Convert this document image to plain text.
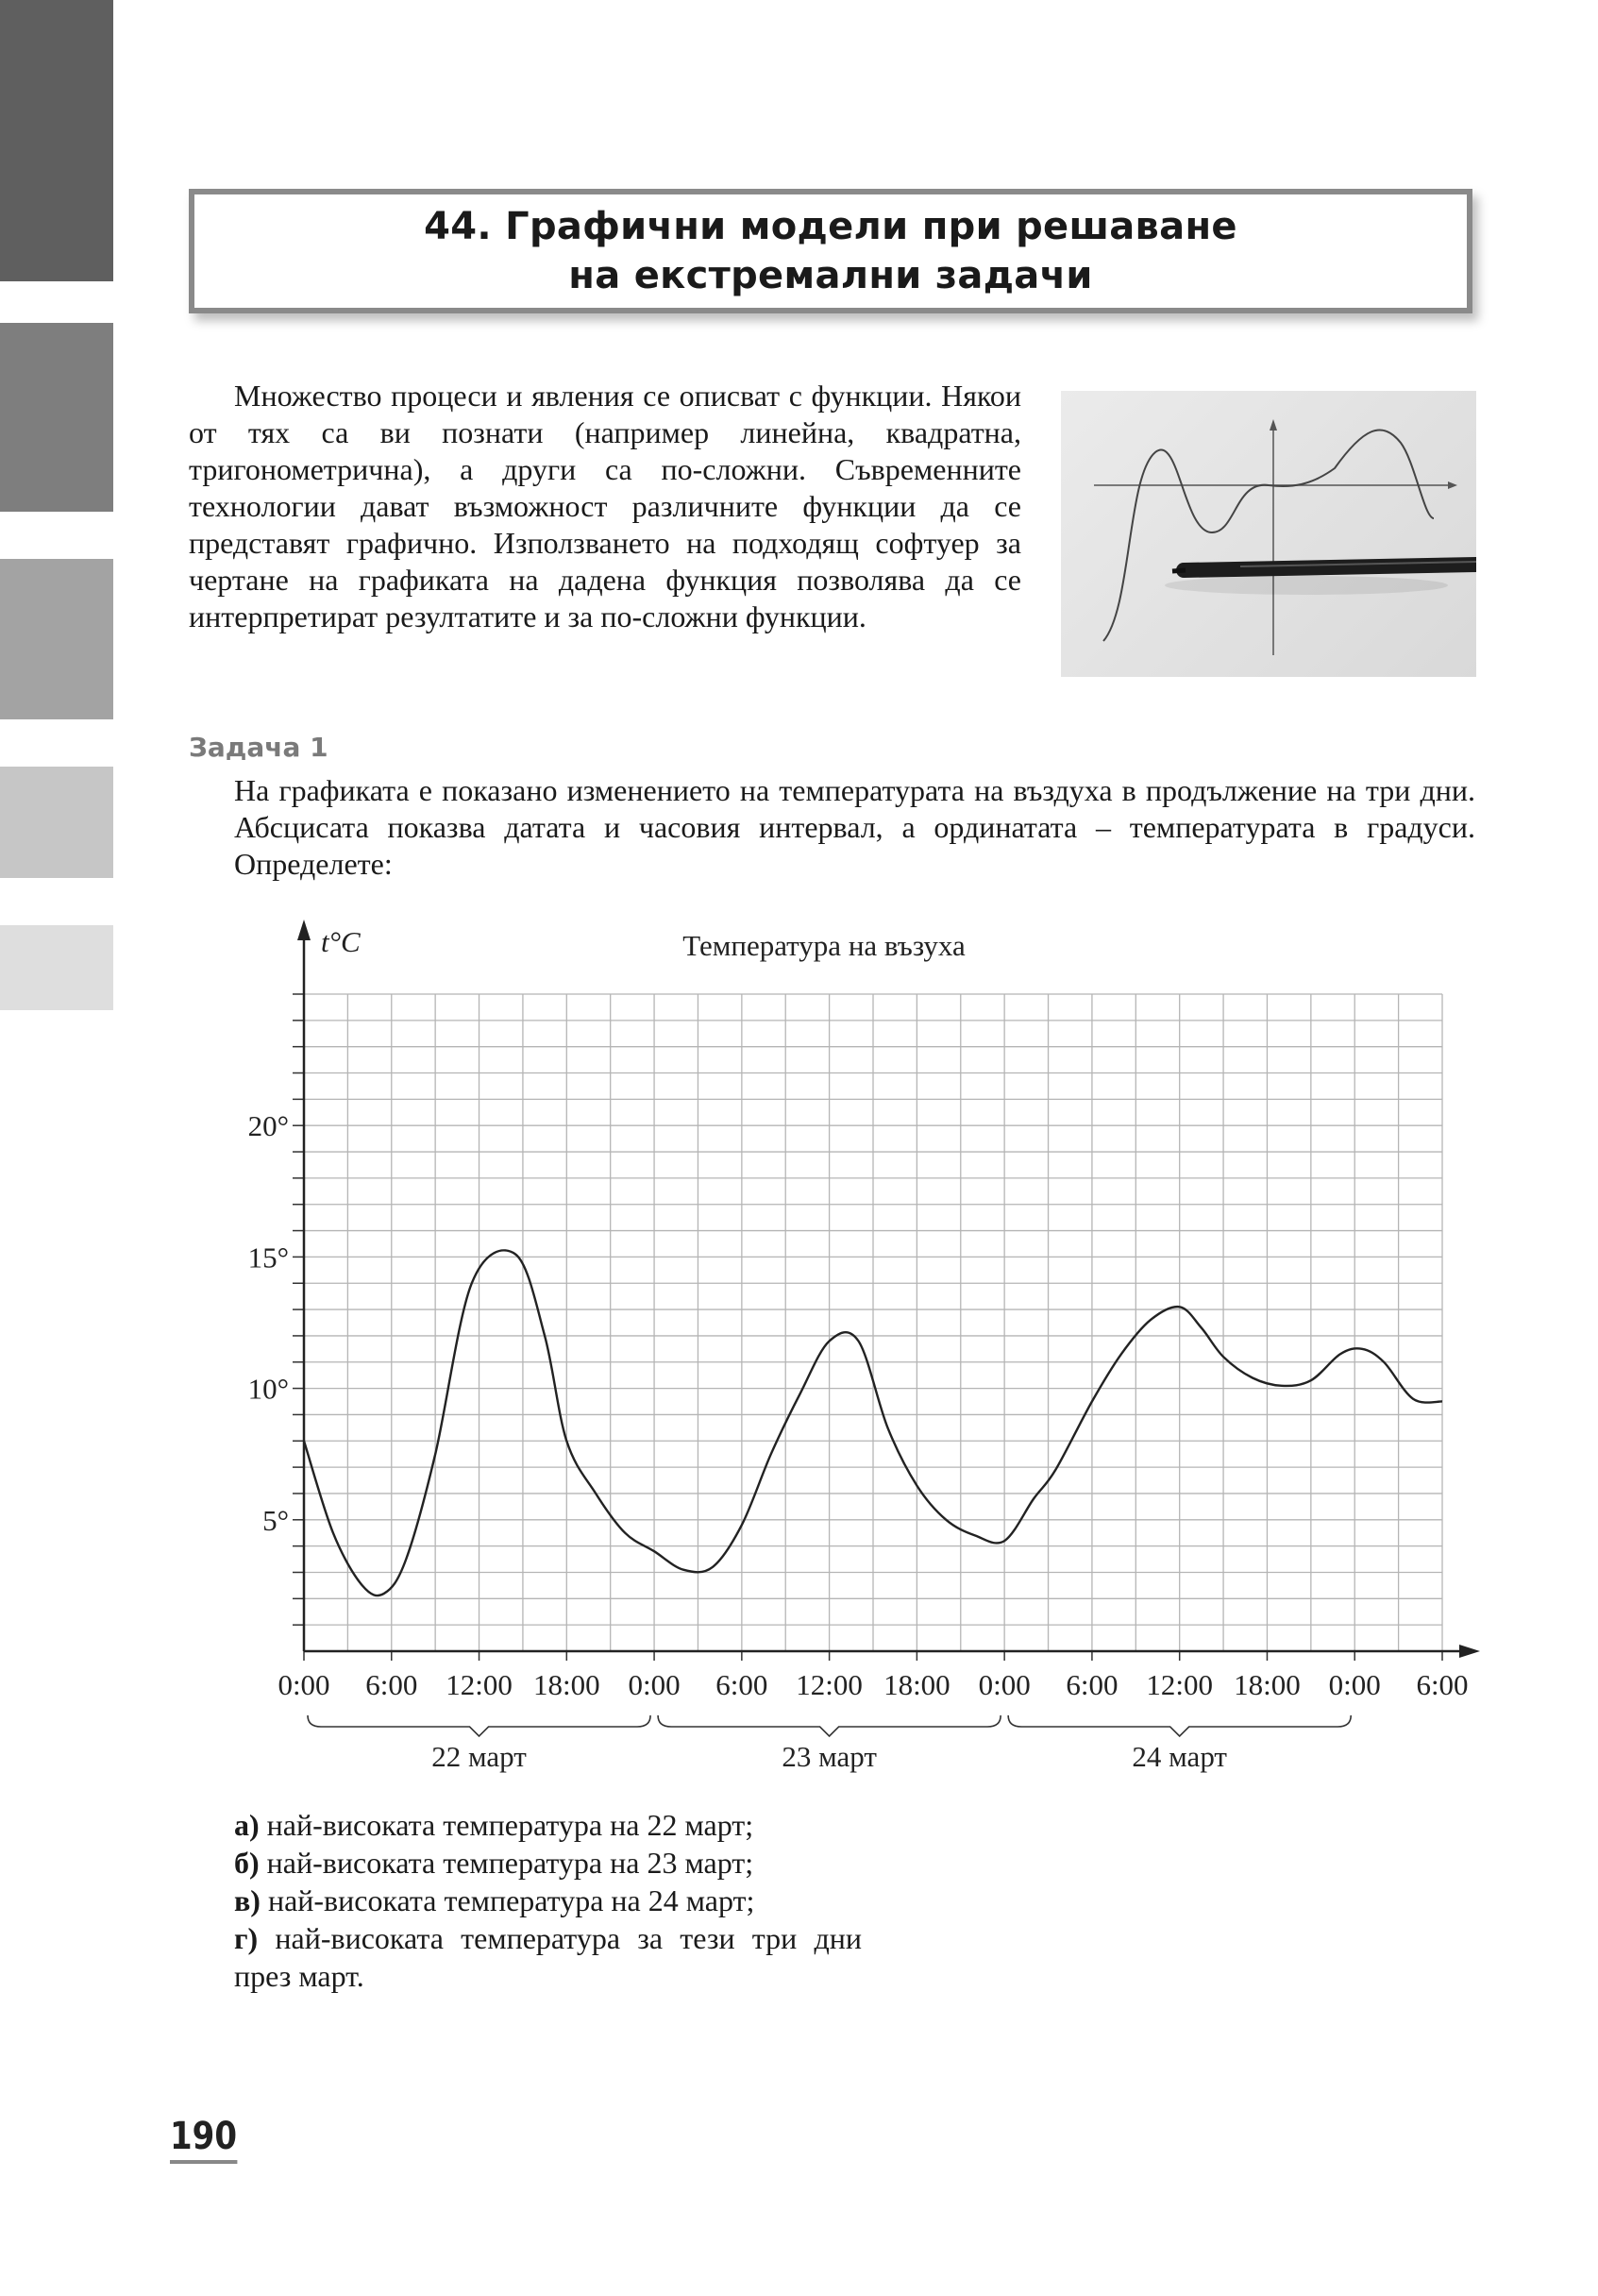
44. Графични модели при решаване
на екстремални задачи

Множество процеси и явления се описват с функции. Някои от тях са ви познати (например линейна, квадратна, тригонометрична), а други са по-сложни. Съвременните технологии дават възможност различните функции да се представят графично. Използването на подходящ софтуер за чертане на графиката на дадена функция позволява да се интерпретират резултатите и за по-сложни функции.

Задача 1

На графиката е показано изменението на температурата на въздуха в продължение на три дни. Абсцисата показва датата и часовия интервал, а ординатата – температурата в градуси. Определете:

5°
10°
15°
20°
t°C	Температура на възуха
0:00 6:00 12:00 18:00 0:00 6:00 12:00 18:00 0:00 6:00 12:00 18:00 0:00 6:00
22 март	23 март	24 март
а) най-високата температура на 22 март;
б) най-високата температура на 23 март;
в) най-високата температура на 24 март;
г) най-високата температура за тези три дни през март.
190
